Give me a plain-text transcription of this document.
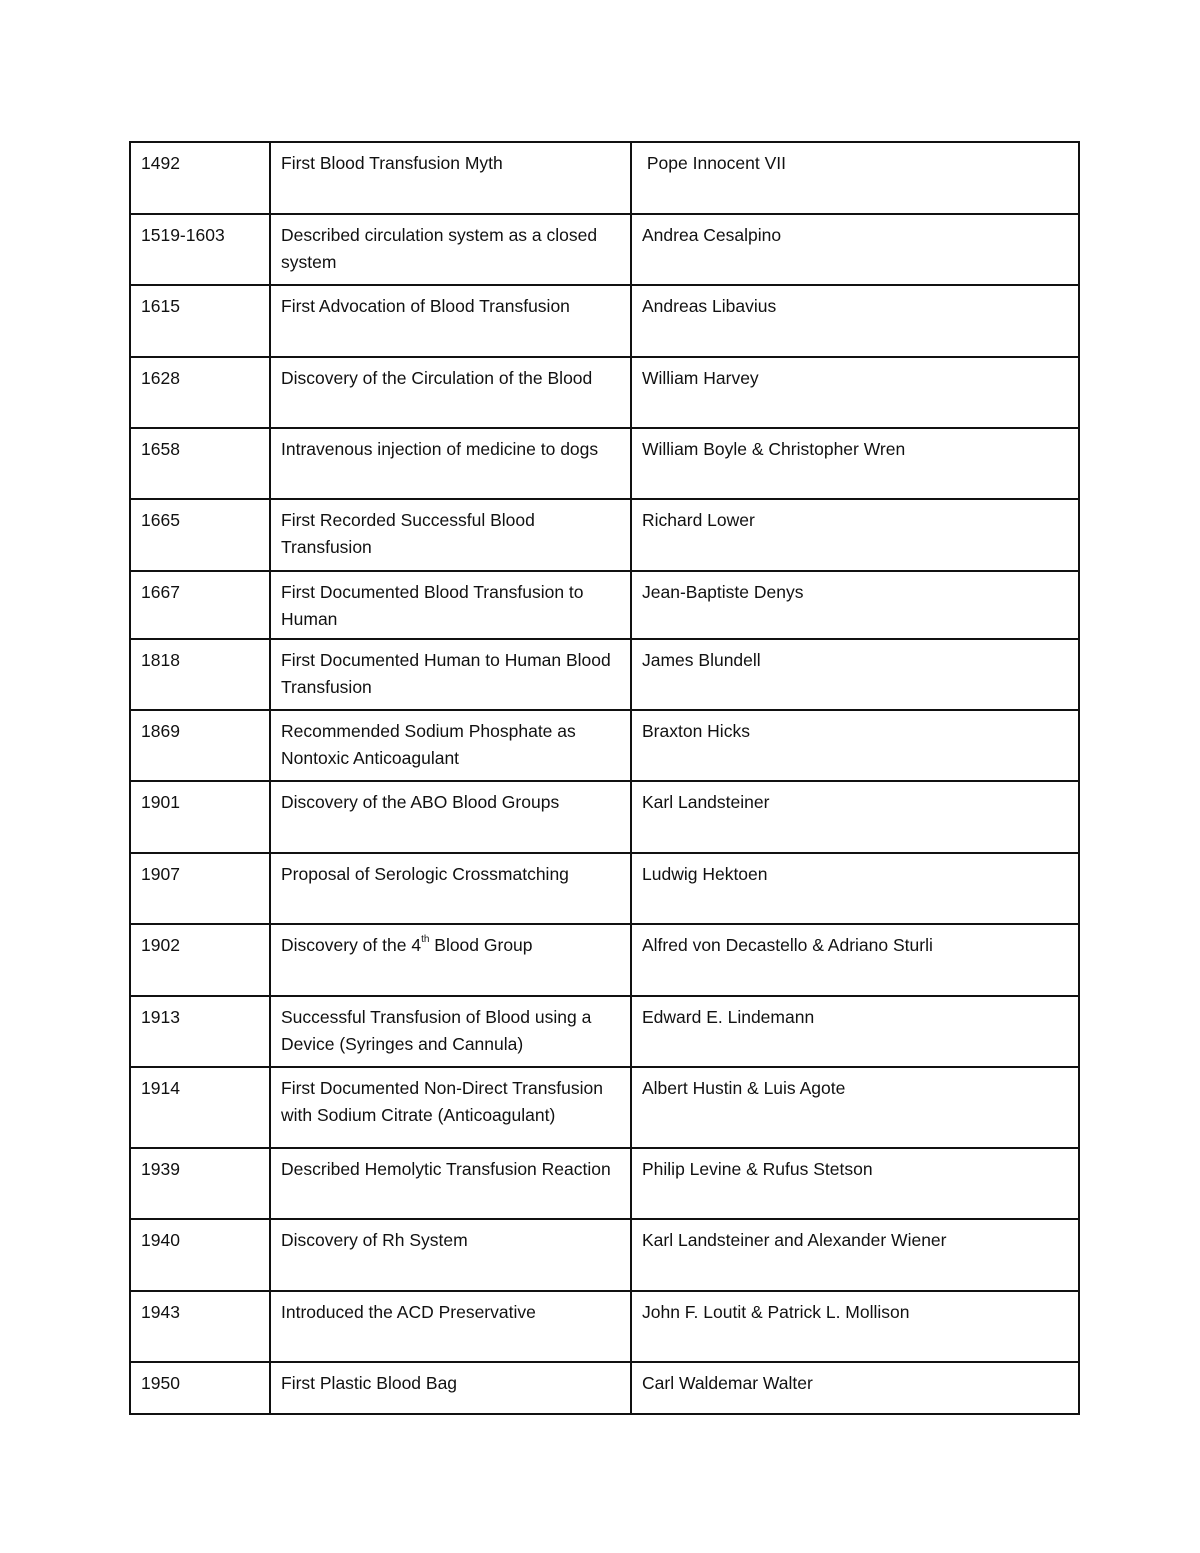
1492	First Blood Transfusion Myth	Pope Innocent VII
1519-1603	Described circulation system as a closed system	Andrea Cesalpino
1615	First Advocation of Blood Transfusion	Andreas Libavius
1628	Discovery of the Circulation of the Blood	William Harvey
1658	Intravenous injection of medicine to dogs	William Boyle & Christopher Wren
1665	First Recorded Successful Blood Transfusion	Richard Lower
1667	First Documented Blood Transfusion to Human	Jean-Baptiste Denys
1818	First Documented Human to Human Blood Transfusion	James Blundell
1869	Recommended Sodium Phosphate as Nontoxic Anticoagulant	Braxton Hicks
1901	Discovery of the ABO Blood Groups	Karl Landsteiner
1907	Proposal of Serologic Crossmatching	Ludwig Hektoen
1902	Discovery of the 4th Blood Group	Alfred von Decastello & Adriano Sturli
1913	Successful Transfusion of Blood using a Device (Syringes and Cannula)	Edward E. Lindemann
1914	First Documented Non-Direct Transfusion with Sodium Citrate (Anticoagulant)	Albert Hustin & Luis Agote
1939	Described Hemolytic Transfusion Reaction	Philip Levine & Rufus Stetson
1940	Discovery of Rh System	Karl Landsteiner and Alexander Wiener
1943	Introduced the ACD Preservative	John F. Loutit & Patrick L. Mollison
1950	First Plastic Blood Bag	Carl Waldemar Walter
